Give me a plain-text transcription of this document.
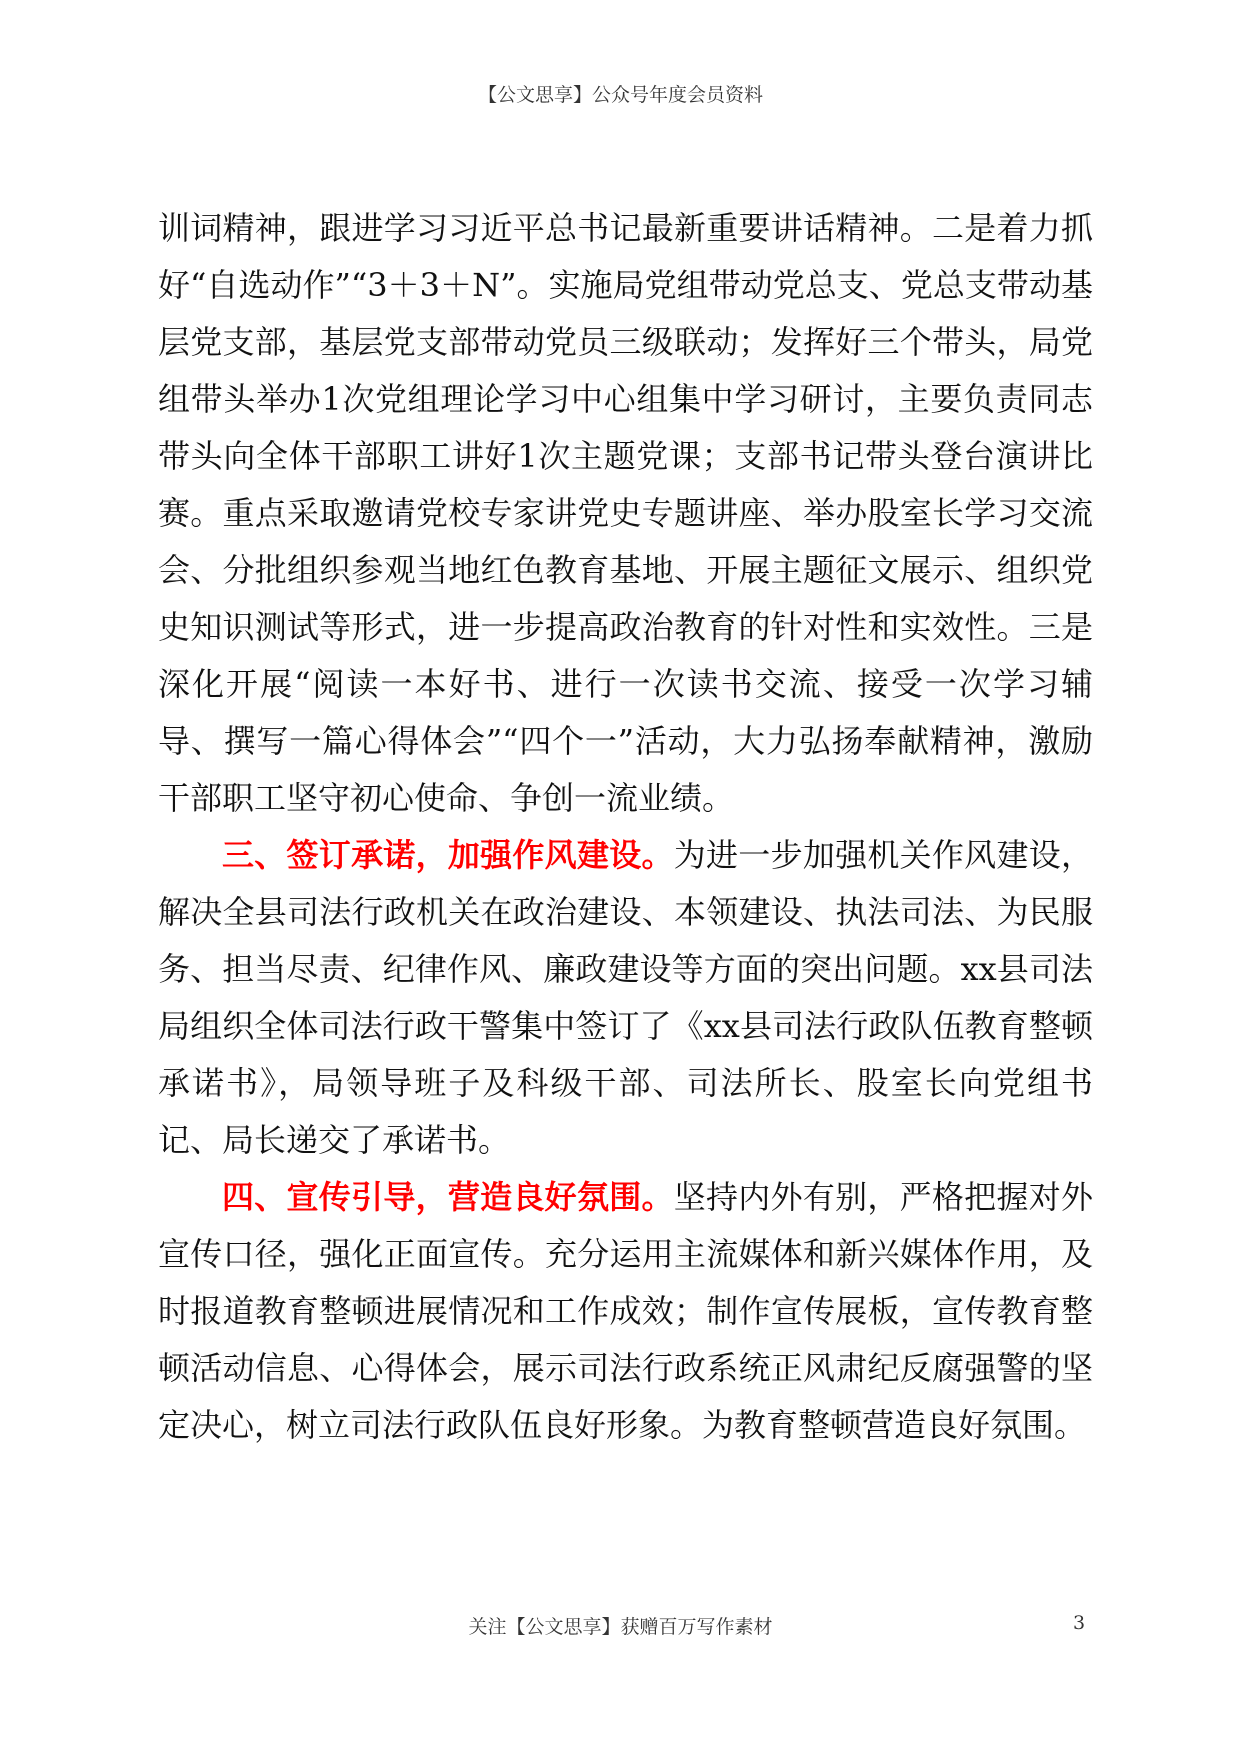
【公文思享】公众号年度会员资料

训词精神，跟进学习习近平总书记最新重要讲话精神。二是着力抓好“自选动作”“3＋3＋N”。实施局党组带动党总支、党总支带动基层党支部，基层党支部带动党员三级联动；发挥好三个带头，局党组带头举办1次党组理论学习中心组集中学习研讨，主要负责同志带头向全体干部职工讲好1次主题党课；支部书记带头登台演讲比赛。重点采取邀请党校专家讲党史专题讲座、举办股室长学习交流会、分批组织参观当地红色教育基地、开展主题征文展示、组织党史知识测试等形式，进一步提高政治教育的针对性和实效性。三是深化开展“阅读一本好书、进行一次读书交流、接受一次学习辅导、撰写一篇心得体会”“四个一”活动，大力弘扬奉献精神，激励干部职工坚守初心使命、争创一流业绩。

三、签订承诺，加强作风建设。为进一步加强机关作风建设，解决全县司法行政机关在政治建设、本领建设、执法司法、为民服务、担当尽责、纪律作风、廉政建设等方面的突出问题。xx县司法局组织全体司法行政干警集中签订了《xx县司法行政队伍教育整顿承诺书》，局领导班子及科级干部、司法所长、股室长向党组书记、局长递交了承诺书。

四、宣传引导，营造良好氛围。坚持内外有别，严格把握对外宣传口径，强化正面宣传。充分运用主流媒体和新兴媒体作用，及时报道教育整顿进展情况和工作成效；制作宣传展板，宣传教育整顿活动信息、心得体会，展示司法行政系统正风肃纪反腐强警的坚定决心，树立司法行政队伍良好形象。为教育整顿营造良好氛围。

关注【公文思享】获赠百万写作素材	3
